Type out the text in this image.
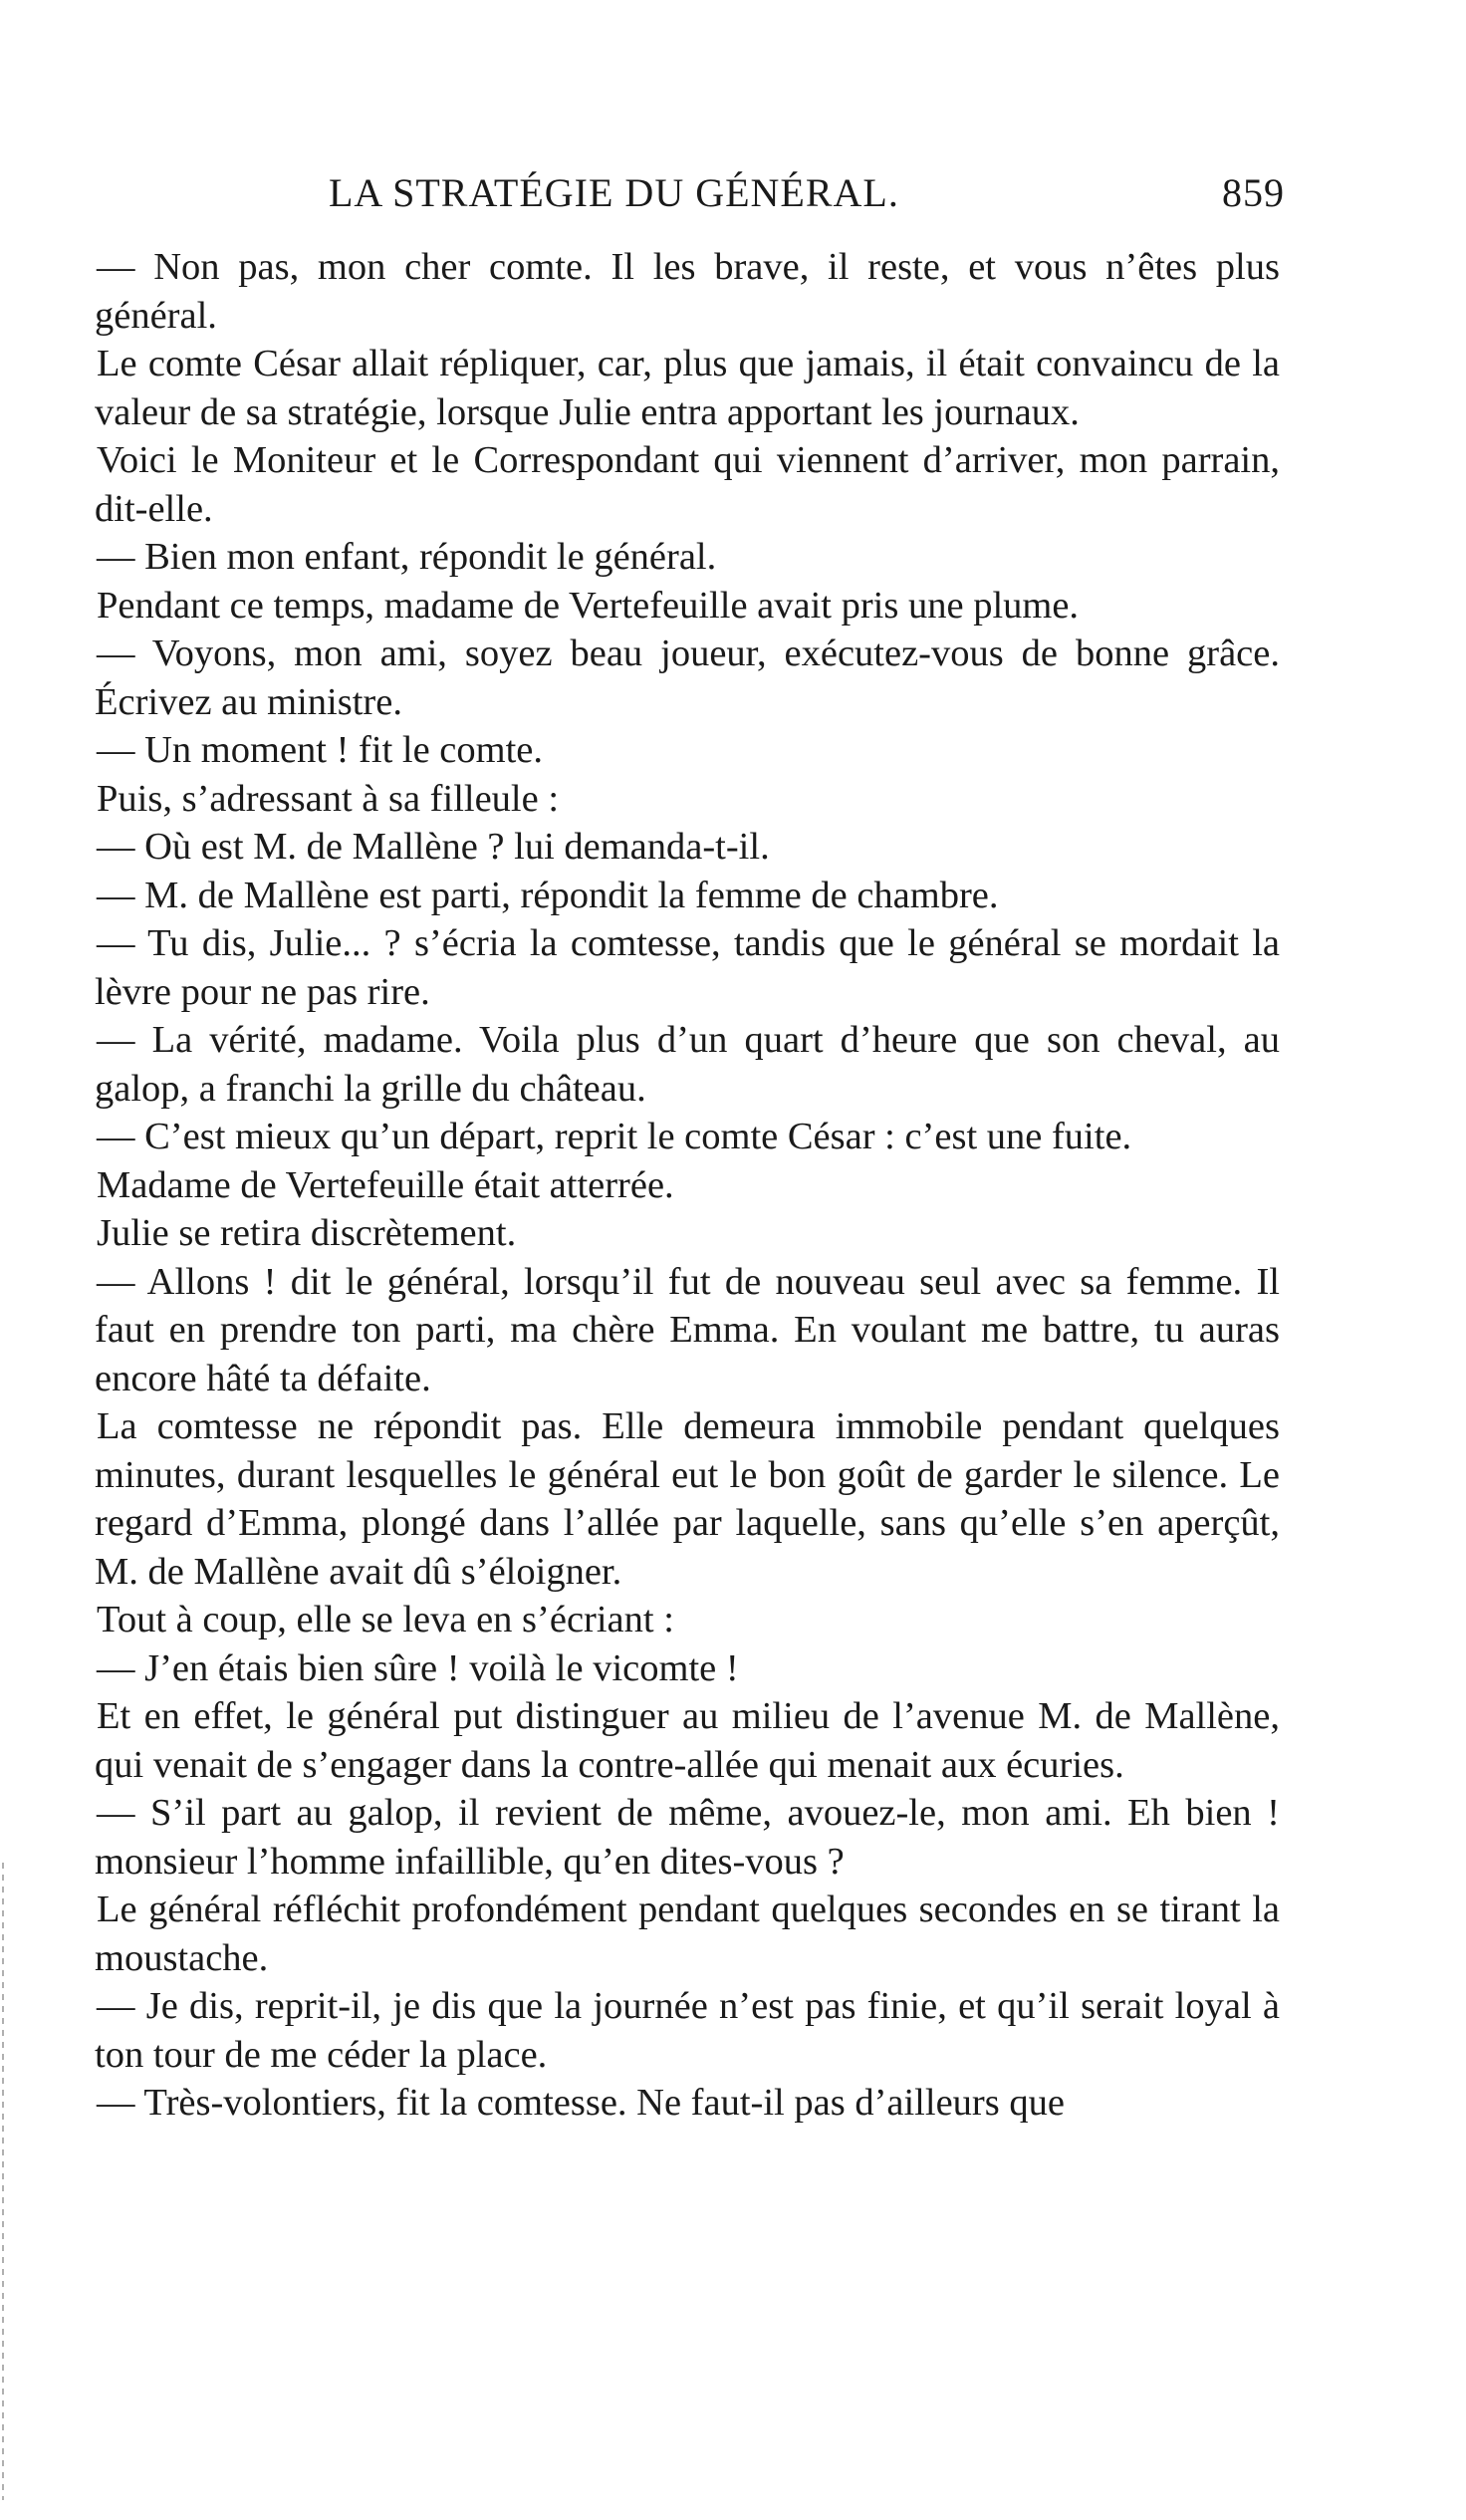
LA STRATÉGIE DU GÉNÉRAL.	859

— Non pas, mon cher comte. Il les brave, il reste, et vous n’êtes plus général.

Le comte César allait répliquer, car, plus que jamais, il était convaincu de la valeur de sa stratégie, lorsque Julie entra apportant les journaux.

Voici le Moniteur et le Correspondant qui viennent d’arriver, mon parrain, dit-elle.

— Bien mon enfant, répondit le général.

Pendant ce temps, madame de Vertefeuille avait pris une plume.

— Voyons, mon ami, soyez beau joueur, exécutez-vous de bonne grâce. Écrivez au ministre.

— Un moment ! fit le comte.

Puis, s’adressant à sa filleule :

— Où est M. de Mallène ? lui demanda-t-il.

— M. de Mallène est parti, répondit la femme de chambre.

— Tu dis, Julie... ? s’écria la comtesse, tandis que le général se mordait la lèvre pour ne pas rire.

— La vérité, madame. Voila plus d’un quart d’heure que son cheval, au galop, a franchi la grille du château.

— C’est mieux qu’un départ, reprit le comte César : c’est une fuite.

Madame de Vertefeuille était atterrée.

Julie se retira discrètement.

— Allons ! dit le général, lorsqu’il fut de nouveau seul avec sa femme. Il faut en prendre ton parti, ma chère Emma. En voulant me battre, tu auras encore hâté ta défaite.

La comtesse ne répondit pas. Elle demeura immobile pendant quelques minutes, durant lesquelles le général eut le bon goût de garder le silence. Le regard d’Emma, plongé dans l’allée par laquelle, sans qu’elle s’en aperçût, M. de Mallène avait dû s’éloigner.

Tout à coup, elle se leva en s’écriant :

— J’en étais bien sûre ! voilà le vicomte !

Et en effet, le général put distinguer au milieu de l’avenue M. de Mallène, qui venait de s’engager dans la contre-allée qui menait aux écuries.

— S’il part au galop, il revient de même, avouez-le, mon ami. Eh bien ! monsieur l’homme infaillible, qu’en dites-vous ?

Le général réfléchit profondément pendant quelques secondes en se tirant la moustache.

— Je dis, reprit-il, je dis que la journée n’est pas finie, et qu’il serait loyal à ton tour de me céder la place.

— Très-volontiers, fit la comtesse. Ne faut-il pas d’ailleurs que
